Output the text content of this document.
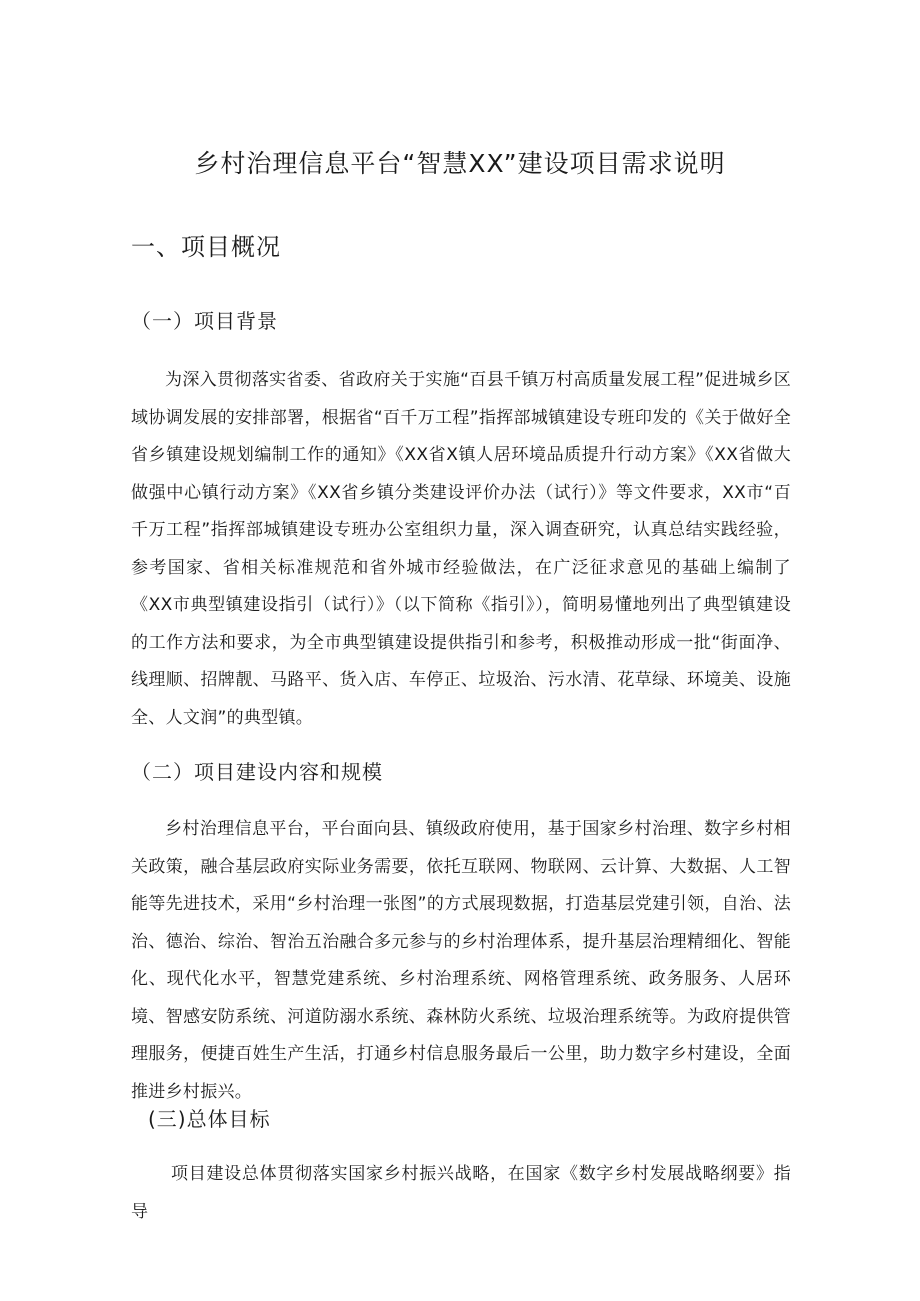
乡村治理信息平台“智慧XX”建设项目需求说明
一、项目概况
（一）项目背景

为深入贯彻落实省委、省政府关于实施“百县千镇万村高质量发展工程”促进城乡区域协调发展的安排部署，根据省“百千万工程”指挥部城镇建设专班印发的《关于做好全省乡镇建设规划编制工作的通知》《XX省X镇人居环境品质提升行动方案》《XX省做大做强中心镇行动方案》《XX省乡镇分类建设评价办法（试行）》等文件要求，XX市“百千万工程”指挥部城镇建设专班办公室组织力量，深入调查研究，认真总结实践经验，参考国家、省相关标准规范和省外城市经验做法，在广泛征求意见的基础上编制了《XX市典型镇建设指引（试行）》（以下简称《指引》），简明易懂地列出了典型镇建设的工作方法和要求，为全市典型镇建设提供指引和参考，积极推动形成一批“街面净、线理顺、招牌靓、马路平、货入店、车停正、垃圾治、污水清、花草绿、环境美、设施全、人文润”的典型镇。

（二）项目建设内容和规模

乡村治理信息平台，平台面向县、镇级政府使用，基于国家乡村治理、数字乡村相关政策，融合基层政府实际业务需要，依托互联网、物联网、云计算、大数据、人工智能等先进技术，采用“乡村治理一张图”的方式展现数据，打造基层党建引领，自治、法治、德治、综治、智治五治融合多元参与的乡村治理体系，提升基层治理精细化、智能化、现代化水平，智慧党建系统、乡村治理系统、网格管理系统、政务服务、人居环境、智感安防系统、河道防溺水系统、森林防火系统、垃圾治理系统等。为政府提供管理服务，便捷百姓生产生活，打通乡村信息服务最后一公里，助力数字乡村建设，全面推进乡村振兴。

(三)总体目标

项目建设总体贯彻落实国家乡村振兴战略，在国家《数字乡村发展战略纲要》指导
